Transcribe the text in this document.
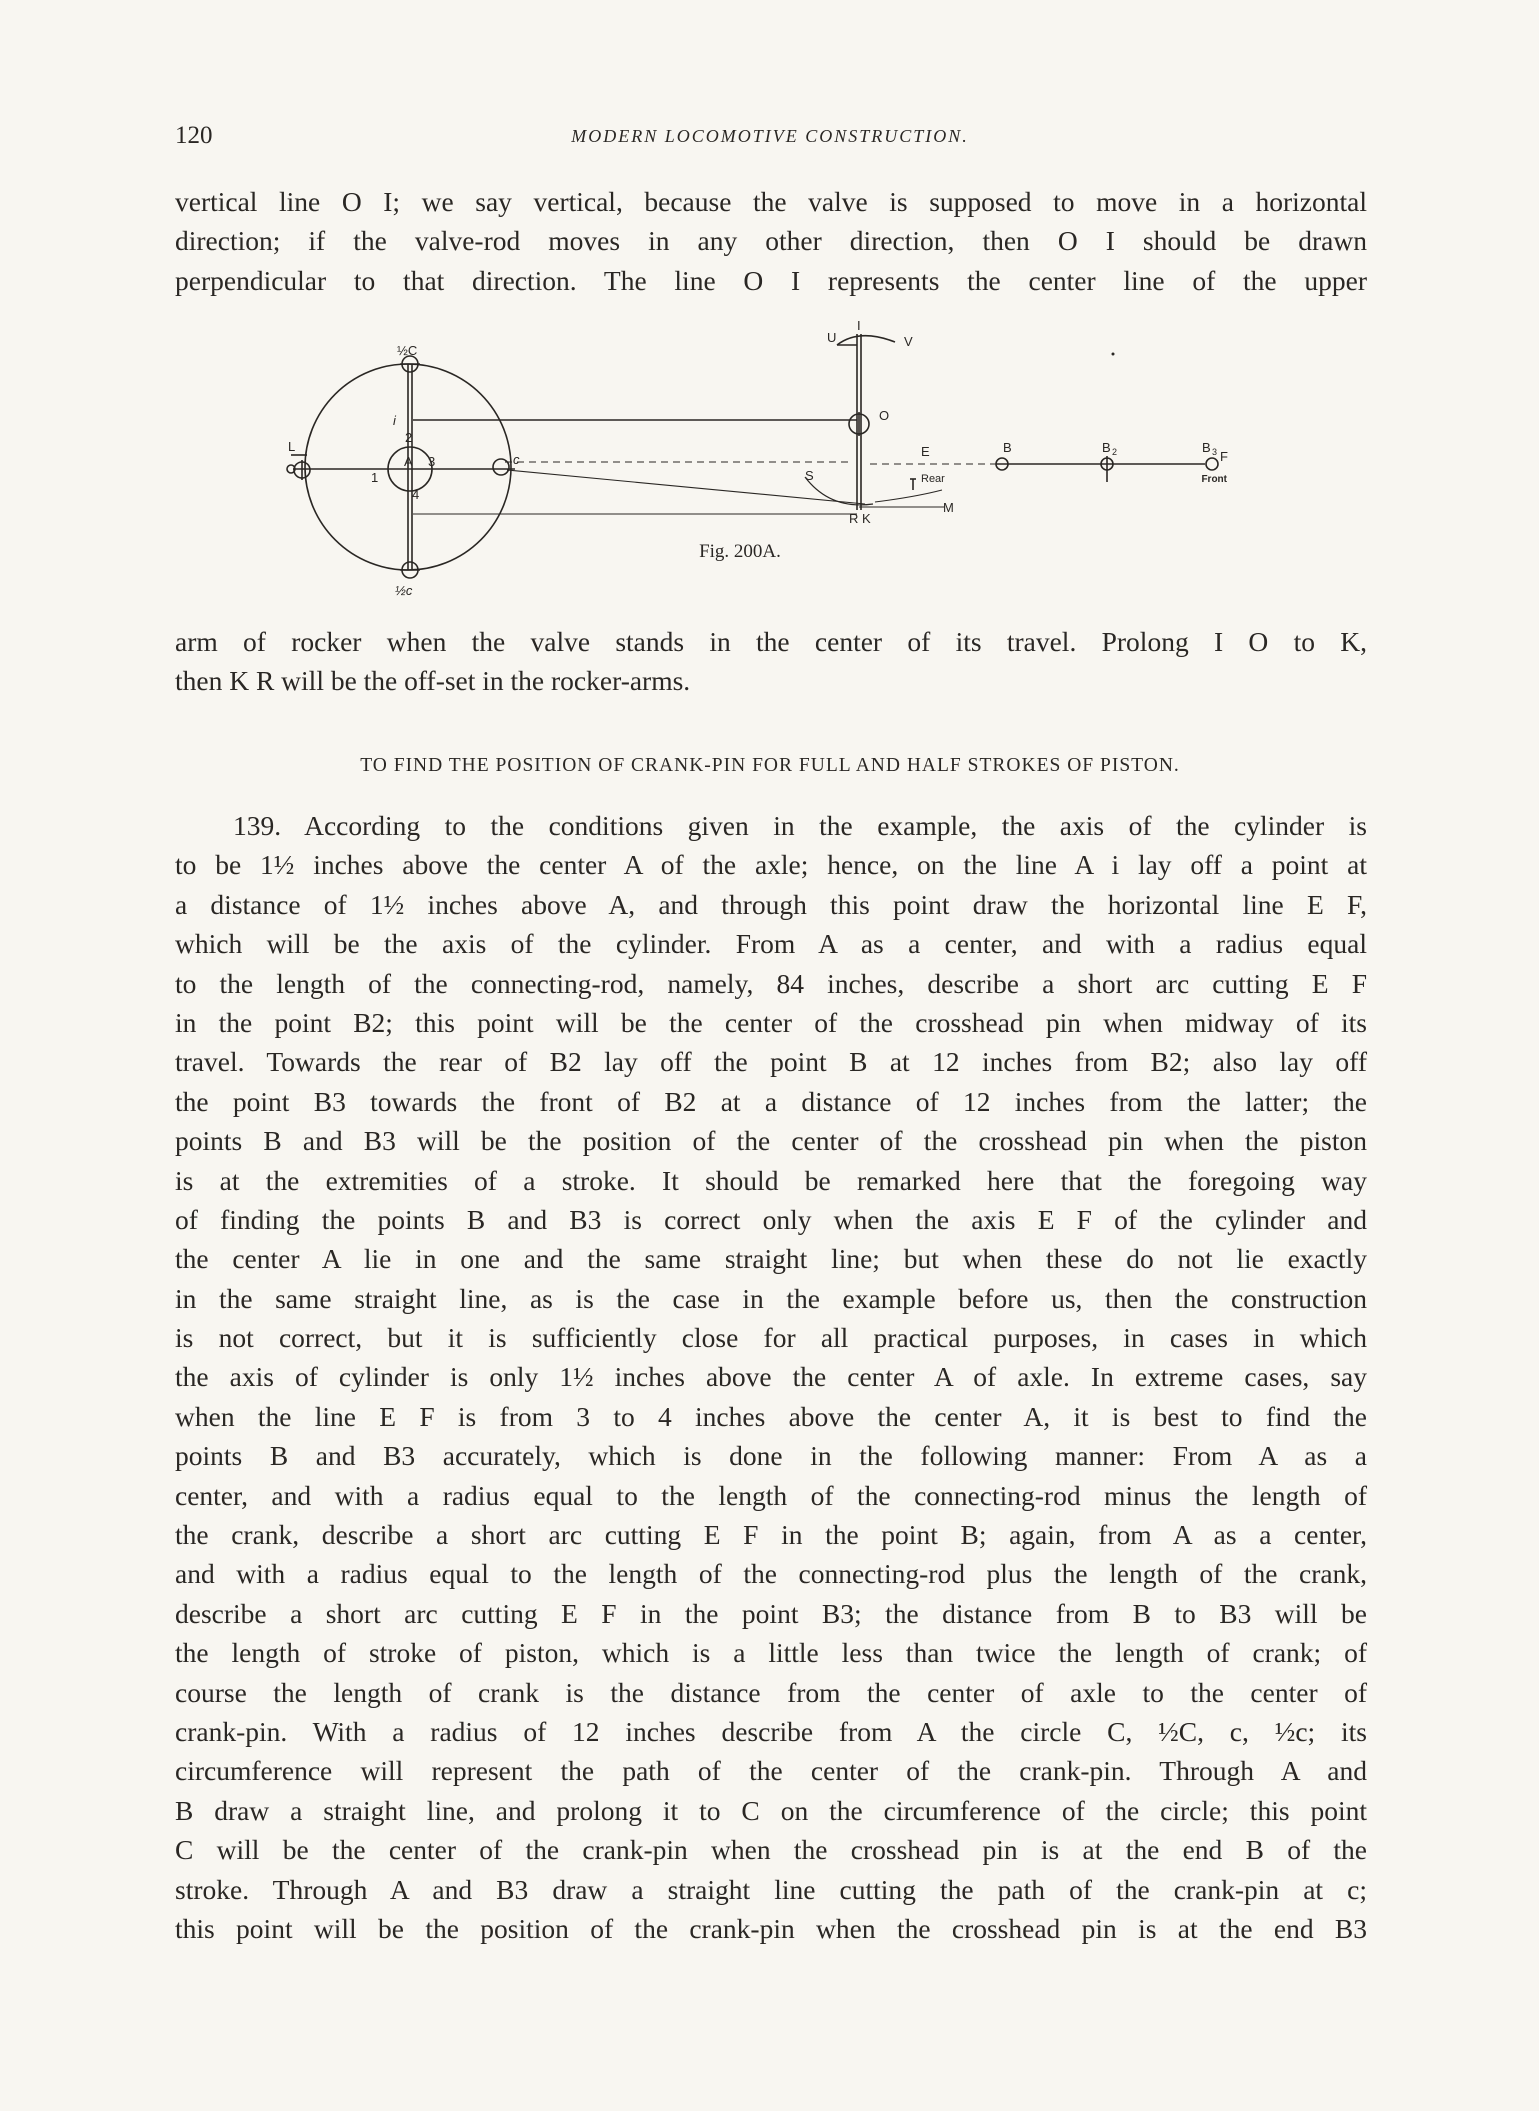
120	MODERN LOCOMOTIVE CONSTRUCTION.
vertical line O I; we say vertical, because the valve is supposed to move in a horizontal
direction; if the valve-rod moves in any other direction, then O I should be drawn
perpendicular to that direction. The line O I represents the center line of the upper
½C
½c
L
i
1
2
3
4
A	c
U
I
V
O
E
S	Rear
R K
M
B	B 2	B 3 F
Front
Fig. 200A.
arm of rocker when the valve stands in the center of its travel. Prolong I O to K,
then K R will be the off-set in the rocker-arms.
TO FIND THE POSITION OF CRANK-PIN FOR FULL AND HALF STROKES OF PISTON.
139. According to the conditions given in the example, the axis of the cylinder is
to be 1½ inches above the center A of the axle; hence, on the line A i lay off a point at
a distance of 1½ inches above A, and through this point draw the horizontal line E F,
which will be the axis of the cylinder. From A as a center, and with a radius equal
to the length of the connecting-rod, namely, 84 inches, describe a short arc cutting E F
in the point B2; this point will be the center of the crosshead pin when midway of its
travel. Towards the rear of B2 lay off the point B at 12 inches from B2; also lay off
the point B3 towards the front of B2 at a distance of 12 inches from the latter; the
points B and B3 will be the position of the center of the crosshead pin when the piston
is at the extremities of a stroke. It should be remarked here that the foregoing way
of finding the points B and B3 is correct only when the axis E F of the cylinder and
the center A lie in one and the same straight line; but when these do not lie exactly
in the same straight line, as is the case in the example before us, then the construction
is not correct, but it is sufficiently close for all practical purposes, in cases in which
the axis of cylinder is only 1½ inches above the center A of axle. In extreme cases, say
when the line E F is from 3 to 4 inches above the center A, it is best to find the
points B and B3 accurately, which is done in the following manner: From A as a
center, and with a radius equal to the length of the connecting-rod minus the length of
the crank, describe a short arc cutting E F in the point B; again, from A as a center,
and with a radius equal to the length of the connecting-rod plus the length of the crank,
describe a short arc cutting E F in the point B3; the distance from B to B3 will be
the length of stroke of piston, which is a little less than twice the length of crank; of
course the length of crank is the distance from the center of axle to the center of
crank-pin. With a radius of 12 inches describe from A the circle C, ½C, c, ½c; its
circumference will represent the path of the center of the crank-pin. Through A and
B draw a straight line, and prolong it to C on the circumference of the circle; this point
C will be the center of the crank-pin when the crosshead pin is at the end B of the
stroke. Through A and B3 draw a straight line cutting the path of the crank-pin at c;
this point will be the position of the crank-pin when the crosshead pin is at the end B3
